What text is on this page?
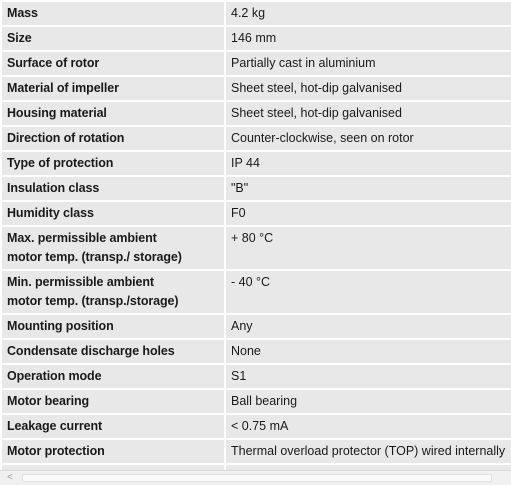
Mass	4.2 kg
Size	146 mm
Surface of rotor	Partially cast in aluminium
Material of impeller	Sheet steel, hot-dip galvanised
Housing material	Sheet steel, hot-dip galvanised
Direction of rotation	Counter-clockwise, seen on rotor
Type of protection	IP 44
Insulation class	"B"
Humidity class	F0
Max. permissible ambient
motor temp. (transp./ storage)	+ 80 °C
Min. permissible ambient
motor temp. (transp./storage)	- 40 °C
Mounting position	Any
Condensate discharge holes	None
Operation mode	S1
Motor bearing	Ball bearing
Leakage current	< 0.75 mA
Motor protection	Thermal overload protector (TOP) wired internally

<
